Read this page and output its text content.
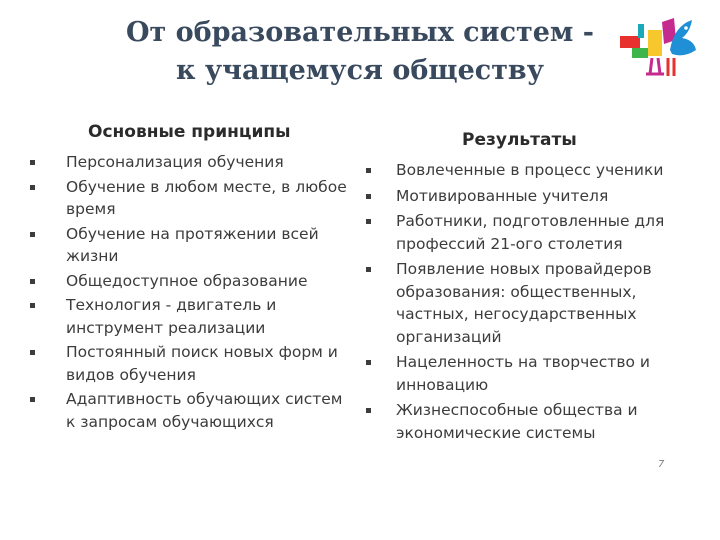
От образовательных систем -
к учащемуся обществу
Основные принципы	Результаты
Персонализация обучения
Обучение в любом месте, в любое время
Обучение на протяжении всей жизни
Общедоступное образование
Технология - двигатель и инструмент реализации
Постоянный поиск новых форм и видов обучения
Адаптивность обучающих систем к запросам обучающихся
Вовлеченные в процесс ученики
Мотивированные учителя
Работники, подготовленные для профессий 21-ого столетия
Появление новых провайдеров образования: общественных, частных, негосударственных организаций
Нацеленность на творчество и инновацию
Жизнеспособные общества и экономические системы
7
